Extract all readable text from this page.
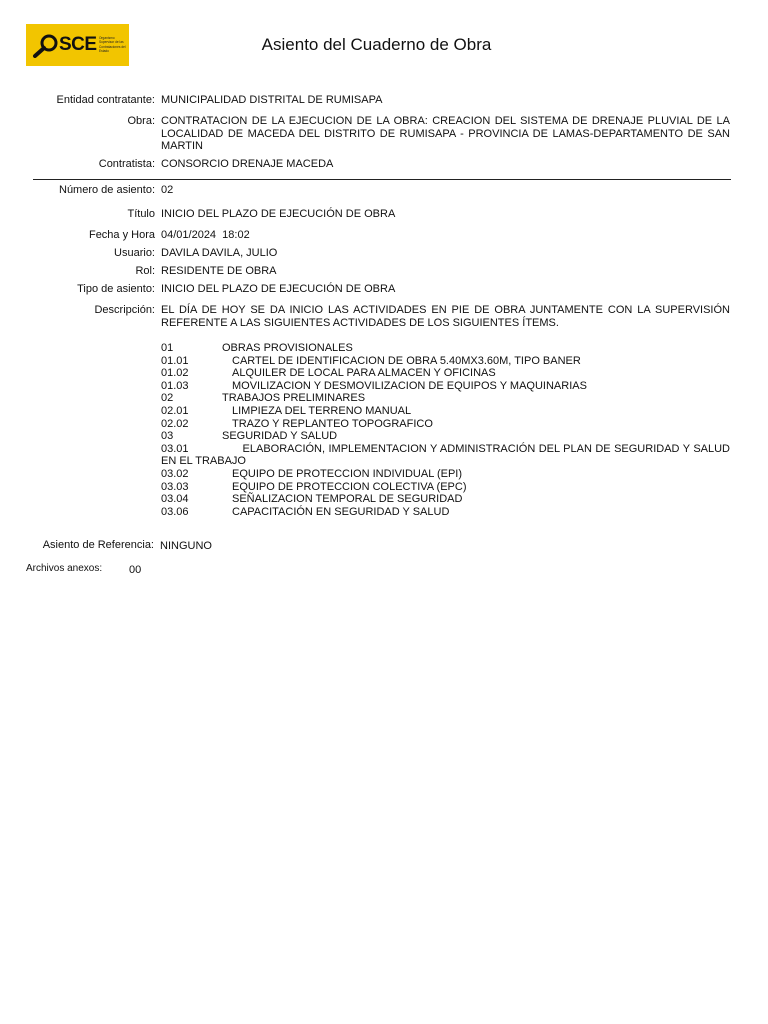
SCE Organismo Supervisor de las Contrataciones del Estado	Asiento del Cuaderno de Obra
Entidad contratante: MUNICIPALIDAD DISTRITAL DE RUMISAPA
Obra: CONTRATACION DE LA EJECUCION DE LA OBRA: CREACION DEL SISTEMA DE DRENAJE PLUVIAL DE LA LOCALIDAD DE MACEDA DEL DISTRITO DE RUMISAPA - PROVINCIA DE LAMAS-DEPARTAMENTO DE SAN MARTIN
Contratista: CONSORCIO DRENAJE MACEDA
Número de asiento: 02
Título INICIO DEL PLAZO DE EJECUCIÓN DE OBRA
Fecha y Hora 04/01/2024  18:02
Usuario: DAVILA DAVILA, JULIO
Rol: RESIDENTE DE OBRA
Tipo de asiento: INICIO DEL PLAZO DE EJECUCIÓN DE OBRA
Descripción: EL DÍA DE HOY SE DA INICIO LAS ACTIVIDADES EN PIE DE OBRA JUNTAMENTE CON LA SUPERVISIÓN REFERENTE A LAS SIGUIENTES ACTIVIDADES DE LOS SIGUIENTES ÍTEMS.
01	OBRAS PROVISIONALES
01.01	CARTEL DE IDENTIFICACION DE OBRA 5.40MX3.60M, TIPO BANER
01.02	ALQUILER DE LOCAL PARA ALMACEN Y OFICINAS
01.03	MOVILIZACION Y DESMOVILIZACION DE EQUIPOS Y MAQUINARIAS
02	TRABAJOS PRELIMINARES
02.01	LIMPIEZA DEL TERRENO MANUAL
02.02	TRAZO Y REPLANTEO TOPOGRAFICO
03	SEGURIDAD Y SALUD
03.01	ELABORACIÓN, IMPLEMENTACION Y ADMINISTRACIÓN DEL PLAN DE SEGURIDAD Y SALUD EN EL TRABAJO
03.02	EQUIPO DE PROTECCION INDIVIDUAL (EPI)
03.03	EQUIPO DE PROTECCION COLECTIVA (EPC)
03.04	SEÑALIZACION TEMPORAL DE SEGURIDAD
03.06	CAPACITACIÓN EN SEGURIDAD Y SALUD
Asiento de Referencia: NINGUNO
Archivos anexos: 00
